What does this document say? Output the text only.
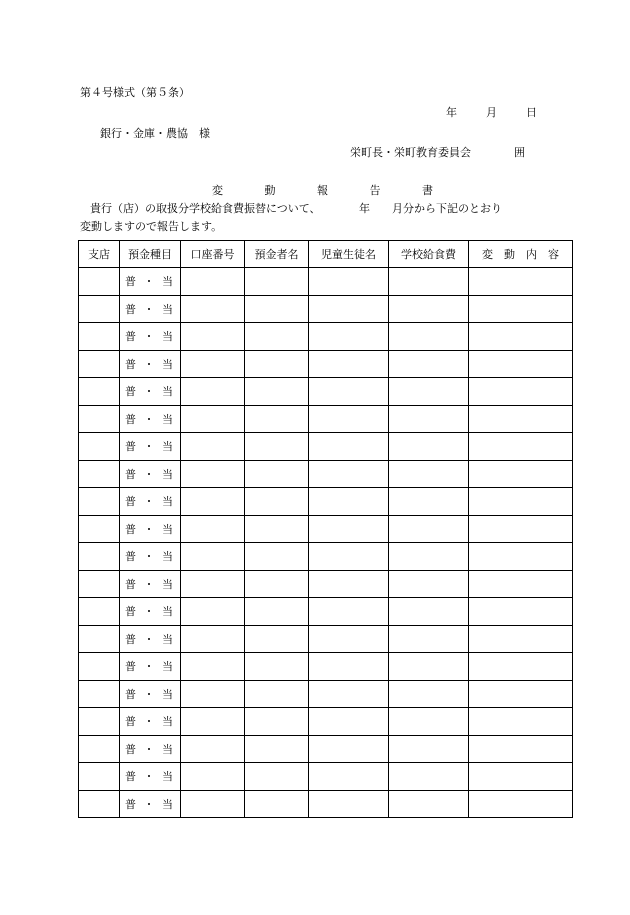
第４号様式（第５条）
年	月	日
銀行・金庫・農協　様
栄町長・栄町教育委員会	囲
変	動	報	告	書
貴行（店）の取扱分学校給食費振替について、　　　　年　　月分から下記のとおり
変動しますので報告します。
支店	預金種目	口座番号	預金者名	児童生徒名	学校給食費	変　動　内　容
	普 ・ 当					
	普 ・ 当					
	普 ・ 当					
	普 ・ 当					
	普 ・ 当					
	普 ・ 当					
	普 ・ 当					
	普 ・ 当					
	普 ・ 当					
	普 ・ 当					
	普 ・ 当					
	普 ・ 当					
	普 ・ 当					
	普 ・ 当					
	普 ・ 当					
	普 ・ 当					
	普 ・ 当					
	普 ・ 当					
	普 ・ 当					
	普 ・ 当					
